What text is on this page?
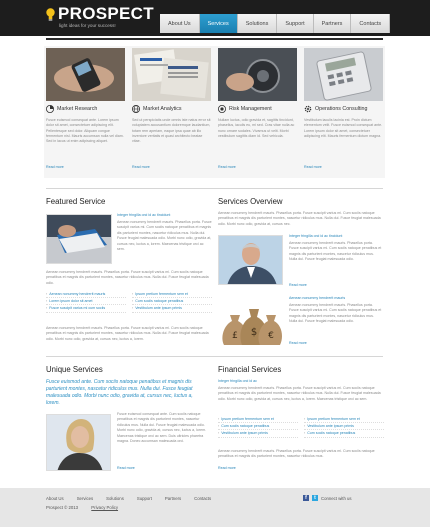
PROSPECT
light ideas for your success!	About Us	Services	Solutions	Support	Partners	Contacts
Market Research
Fusce euismod consequat ante. Lorem ipsum dolor sit amet, consectetuer adipiscing elit. Pellentesque sed dolor. Aliquam congue fermentum nisl. Mauris accumsan nulla vel diam. Sed in lacus ut enim adipiscing aliquet.
Read more
Market Analytics
Sed ut perspiciatis unde omnis iste natus error sit voluptatem accusantium doloremque laudantium, totam rem aperiam, eaque ipsa quae ab illo inventore veritatis et quasi architecto beatae vitae.
Read more
Risk Management
Nullam luctus, odio gravida et, sagittis tincidunt, phasellus, iaculis eu, mi sed. Cras vitae nulla ac nunc ornare sodales. Vivamus ut velit. Morbi vestibulum sagittis diam id. Sed vehicula.
Read more
Operations Consulting
Vestibulum iaculis lacinia est. Proin dictum elementum velit. Fusce euismod consequat ante. Lorem ipsum dolor sit amet, consectetuer adipiscing elit. Mauris fermentum dictum magna.
Read more
Featured Service
Integer fringilla orci id ac tincidunt
Aenean nonummy hendrerit mauris. Phasellus porta. Fusce suscipit varius mi. Cum sociis natoque penatibus et magnis dis parturient montes, nascetur ridiculus mus. Nulla dui. Fusce feugiat malesuada odio. Morbi nunc odio, gravida at, cursus nec, luctus a, lorem. Maecenas tristique orci ac sem.
Aenean nonummy hendrerit mauris. Phasellus porta. Fusce suscipit varius mi. Cum sociis natoque penatibus et magnis dis parturient montes, nascetur ridiculus mus. Nulla dui. Fusce feugiat malesuada odio.
› Aenean nonummy hendrerit mauris
› Lorem ipsum dolor sit amet
› Fusce suscipit varius mi cum sociis
› Ipsum pretium fermentum sem et
› Cum sociis natoque penatibus
› Vestibulum ante ipsum primis
Aenean nonummy hendrerit mauris. Phasellus porta. Fusce suscipit varius mi. Cum sociis natoque penatibus et magnis dis parturient montes, nascetur ridiculus mus. Nulla dui. Fusce feugiat malesuada odio. Morbi nunc odio, gravida at, cursus nec, luctus a, lorem.
Services Overview
Aenean nonummy hendrerit mauris. Phasellus porta. Fusce suscipit varius mi. Cum sociis natoque penatibus et magnis dis parturient montes, nascetur ridiculus mus. Nulla dui. Fusce feugiat malesuada odio. Morbi nunc odio, gravida at, cursus nec.
Integer fringilla orci id ac tincidunt
Aenean nonummy hendrerit mauris. Phasellus porta. Fusce suscipit varius mi. Cum sociis natoque penatibus et magnis dis parturient montes, nascetur ridiculus mus. Nulla dui. Fusce feugiat malesuada odio.
Read more
£ $ €
Aenean nonummy hendrerit mauris
Aenean nonummy hendrerit mauris. Phasellus porta. Fusce suscipit varius mi. Cum sociis natoque penatibus et magnis dis parturient montes, nascetur ridiculus mus. Nulla dui. Fusce feugiat malesuada odio.
Read more
Unique Services
Fusce euismod ante. Cum sociis natoque penatibus et magnis dis parturient montes, nascetur ridiculus mus. Nulla dui. Fusce feugiat malesuada odio. Morbi nunc odio, gravida at, cursus nec, luctus a, lorem.
Fusce euismod consequat ante. Cum sociis natoque penatibus et magnis dis parturient montes, nascetur ridiculus mus. Nulla dui. Fusce feugiat malesuada odio. Morbi nunc odio, gravida at, cursus nec, luctus a, lorem. Maecenas tristique orci ac sem. Duis ultricies pharetra magna. Donec accumsan malesuada orci.
Read more
Financial Services
Integer fringilla orci id ac
Aenean nonummy hendrerit mauris. Phasellus porta. Fusce suscipit varius mi. Cum sociis natoque penatibus et magnis dis parturient montes, nascetur ridiculus mus. Nulla dui. Fusce feugiat malesuada odio. Morbi nunc odio, gravida at, cursus nec, luctus a, lorem. Maecenas tristique orci ac sem.
› Ipsum pretium fermentum sem et
› Cum sociis natoque penatibus
› Vestibulum ante ipsum primis
› Ipsum pretium fermentum sem et
› Vestibulum ante ipsum primis
› Cum sociis natoque penatibus
Aenean nonummy hendrerit mauris. Phasellus porta. Fusce suscipit varius mi. Cum sociis natoque penatibus et magnis dis parturient montes, nascetur ridiculus mus.
Read more
About Us	Services	Solutions	Support	Partners	Contacts
Prospect © 2013	Privacy Policy
f	t	Connect with us
